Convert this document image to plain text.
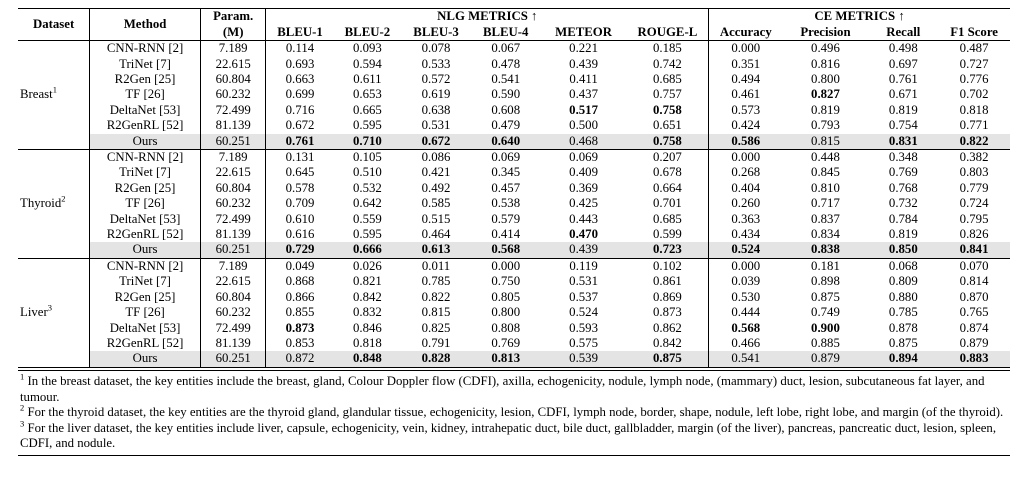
Dataset	Method	Param.	NLG METRICS ↑						CE METRICS ↑			
		(M)	BLEU-1	BLEU-2	BLEU-3	BLEU-4	METEOR	ROUGE-L	Accuracy	Precision	Recall	F1 Score
Breast$^1$	CNN-RNN [2]	7.189	0.114	0.093	0.078	0.067	0.221	0.185	0.000	0.496	0.498	0.487
	TriNet [7]	22.615	0.693	0.594	0.533	0.478	0.439	0.742	0.351	0.816	0.697	0.727
	R2Gen [25]	60.804	0.663	0.611	0.572	0.541	0.411	0.685	0.494	0.800	0.761	0.776
	TF [26]	60.232	0.699	0.653	0.619	0.590	0.437	0.757	0.461	0.827	0.671	0.702
	DeltaNet [53]	72.499	0.716	0.665	0.638	0.608	0.517	0.758	0.573	0.819	0.819	0.818
	R2GenRL [52]	81.139	0.672	0.595	0.531	0.479	0.500	0.651	0.424	0.793	0.754	0.771
	Ours	60.251	0.761	0.710	0.672	0.640	0.468	0.758	0.586	0.815	0.831	0.822
Thyroid$^2$	CNN-RNN [2]	7.189	0.131	0.105	0.086	0.069	0.069	0.207	0.000	0.448	0.348	0.382
	TriNet [7]	22.615	0.645	0.510	0.421	0.345	0.409	0.678	0.268	0.845	0.769	0.803
	R2Gen [25]	60.804	0.578	0.532	0.492	0.457	0.369	0.664	0.404	0.810	0.768	0.779
	TF [26]	60.232	0.709	0.642	0.585	0.538	0.425	0.701	0.260	0.717	0.732	0.724
	DeltaNet [53]	72.499	0.610	0.559	0.515	0.579	0.443	0.685	0.363	0.837	0.784	0.795
	R2GenRL [52]	81.139	0.616	0.595	0.464	0.414	0.470	0.599	0.434	0.834	0.819	0.826
	Ours	60.251	0.729	0.666	0.613	0.568	0.439	0.723	0.524	0.838	0.850	0.841
Liver$^3$	CNN-RNN [2]	7.189	0.049	0.026	0.011	0.000	0.119	0.102	0.000	0.181	0.068	0.070
	TriNet [7]	22.615	0.868	0.821	0.785	0.750	0.531	0.861	0.039	0.898	0.809	0.814
	R2Gen [25]	60.804	0.866	0.842	0.822	0.805	0.537	0.869	0.530	0.875	0.880	0.870
	TF [26]	60.232	0.855	0.832	0.815	0.800	0.524	0.873	0.444	0.749	0.785	0.765
	DeltaNet [53]	72.499	0.873	0.846	0.825	0.808	0.593	0.862	0.568	0.900	0.878	0.874
	R2GenRL [52]	81.139	0.853	0.818	0.791	0.769	0.575	0.842	0.466	0.885	0.875	0.879
	Ours	60.251	0.872	0.848	0.828	0.813	0.539	0.875	0.541	0.879	0.894	0.883

$^1$ In the breast dataset, the key entities include the breast, gland, Colour Doppler flow (CDFI), axilla, echogenicity, nodule, lymph node, (mammary) duct, lesion, subcutaneous fat layer, and tumour.

$^2$ For the thyroid dataset, the key entities are the thyroid gland, glandular tissue, echogenicity, lesion, CDFI, lymph node, border, shape, nodule, left lobe, right lobe, and margin (of the thyroid).

$^3$ For the liver dataset, the key entities include liver, capsule, echogenicity, vein, kidney, intrahepatic duct, bile duct, gallbladder, margin (of the liver), pancreas, pancreatic duct, lesion, spleen, CDFI, and nodule.
